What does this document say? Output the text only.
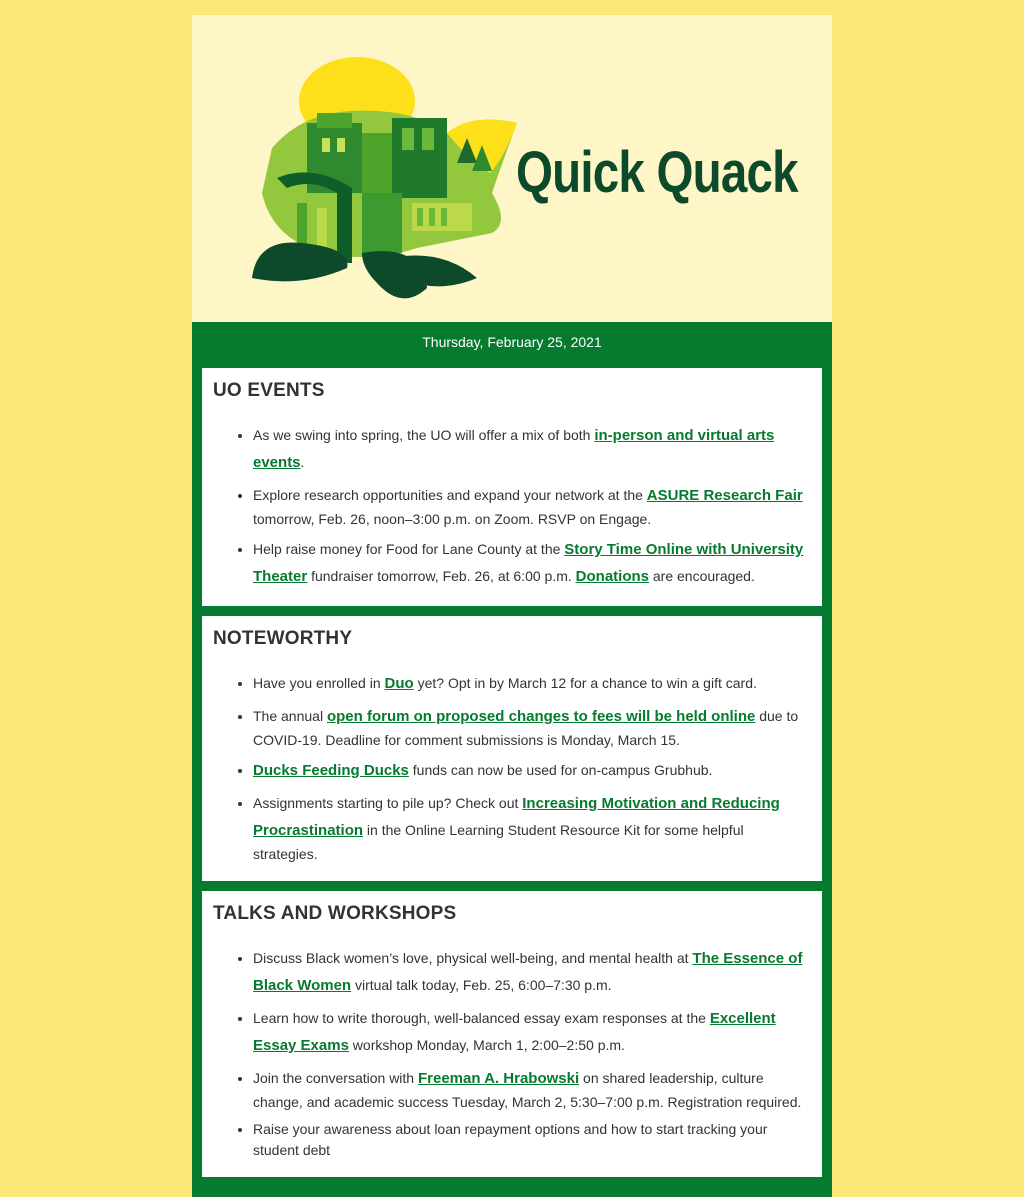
Quick Quack
Thursday, February 25, 2021
UO EVENTS
• As we swing into spring, the UO will offer a mix of both in-person and virtual arts events.
• Explore research opportunities and expand your network at the ASURE Research Fair tomorrow, Feb. 26, noon–3:00 p.m. on Zoom. RSVP on Engage.
• Help raise money for Food for Lane County at the Story Time Online with University Theater fundraiser tomorrow, Feb. 26, at 6:00 p.m. Donations are encouraged.
NOTEWORTHY
• Have you enrolled in Duo yet? Opt in by March 12 for a chance to win a gift card.
• The annual open forum on proposed changes to fees will be held online due to COVID-19. Deadline for comment submissions is Monday, March 15.
• Ducks Feeding Ducks funds can now be used for on-campus Grubhub.
• Assignments starting to pile up? Check out Increasing Motivation and Reducing Procrastination in the Online Learning Student Resource Kit for some helpful strategies.
TALKS AND WORKSHOPS
• Discuss Black women’s love, physical well-being, and mental health at The Essence of Black Women virtual talk today, Feb. 25, 6:00–7:30 p.m.
• Learn how to write thorough, well-balanced essay exam responses at the Excellent Essay Exams workshop Monday, March 1, 2:00–2:50 p.m.
• Join the conversation with Freeman A. Hrabowski on shared leadership, culture change, and academic success Tuesday, March 2, 5:30–7:00 p.m. Registration required.
• Raise your awareness about loan repayment options and how to start tracking your student debt
